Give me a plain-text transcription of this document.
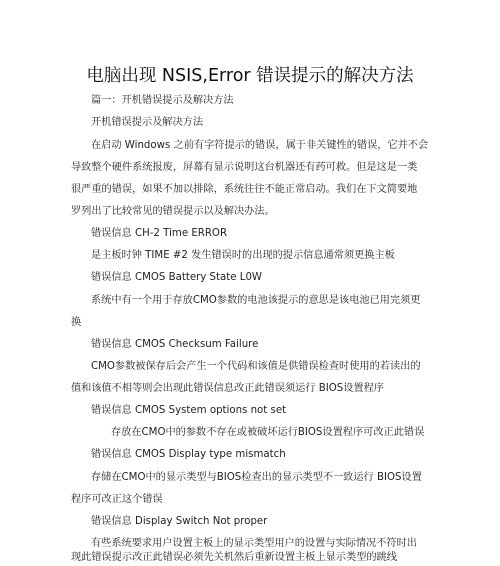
电脑出现 NSIS,Error 错误提示的解决方法
篇一：开机错误提示及解决方法
开机错误提示及解决方法
在启动 Windows 之前有字符提示的错误，属于非关键性的错误，它并不会
导致整个硬件系统报废，屏幕有显示说明这台机器还有药可救。但是这是一类
很严重的错误，如果不加以排除，系统往往不能正常启动。我们在下文简要地
罗列出了比较常见的错误提示以及解决办法。
错误信息 CH-2 Time ERROR
是主板时钟 TIME #2 发生错误时的出现的提示信息通常须更换主板
错误信息 CMOS Battery State L0W
系统中有一个用于存放CMO参数的电池该提示的意思是该电池已用完须更
换
错误信息 CMOS Checksum Failure
CMO参数被保存后会产生一个代码和该值是供错误检查时使用的若读出的
值和该值不相等则会出现此错误信息改正此错误须运行 BIOS设置程序
错误信息 CMOS System options not set
存放在CMO中的参数不存在或被破坏运行BIOS设置程序可改正此错误
错误信息 CMOS Display type mismatch
存储在CMO中的显示类型与BIOS检查出的显示类型不一致运行 BIOS设置
程序可改正这个错误
错误信息 Display Switch Not proper
有些系统要求用户设置主板上的显示类型用户的设置与实际情况不符时出
现此错误提示改正此错误必须先关机然后重新设置主板上显示类型的跳线
